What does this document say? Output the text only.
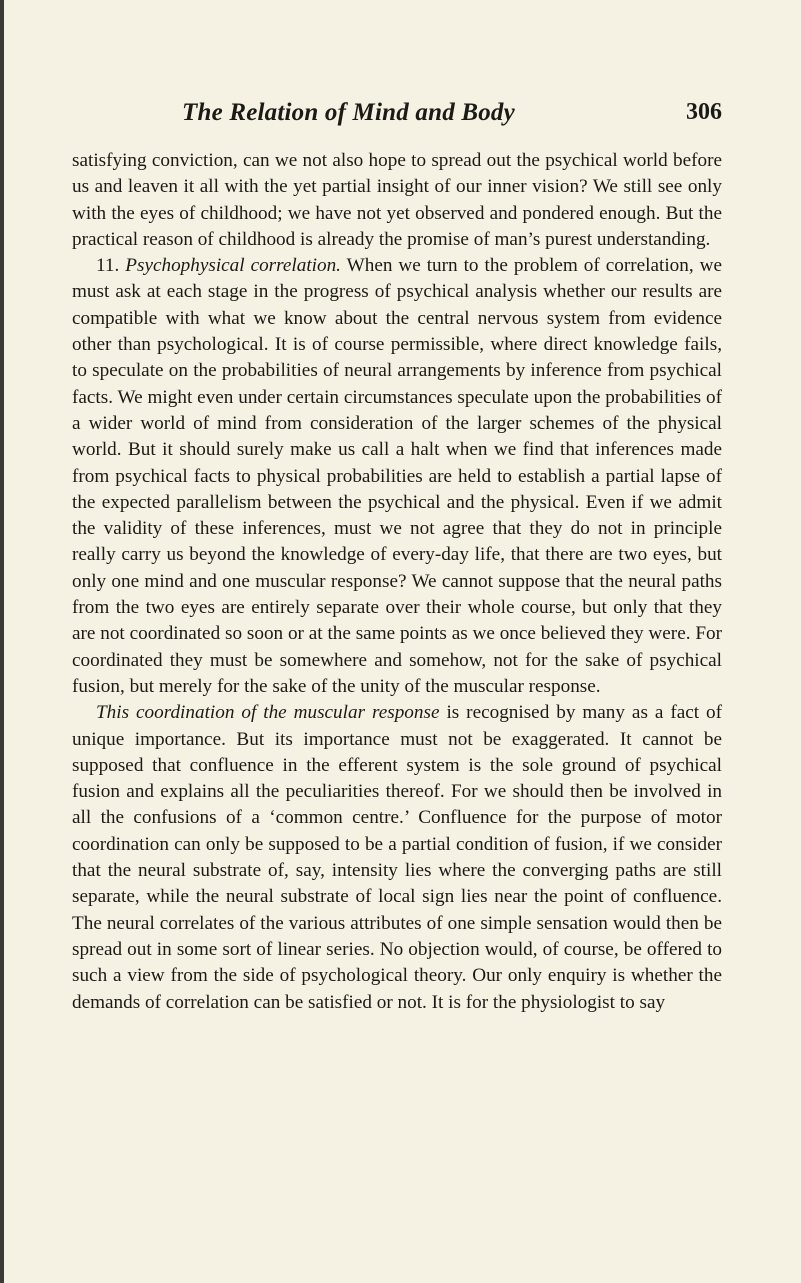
The Relation of Mind and Body	306

satisfying conviction, can we not also hope to spread out the psychical world before us and leaven it all with the yet partial insight of our inner vision? We still see only with the eyes of childhood; we have not yet observed and pondered enough. But the practical reason of childhood is already the promise of man’s purest understanding.

11. Psychophysical correlation. When we turn to the problem of correlation, we must ask at each stage in the progress of psychical analysis whether our results are compatible with what we know about the central nervous system from evidence other than psychological. It is of course permissible, where direct knowledge fails, to speculate on the probabilities of neural arrangements by inference from psychical facts. We might even under certain circumstances speculate upon the probabilities of a wider world of mind from consideration of the larger schemes of the physical world. But it should surely make us call a halt when we find that inferences made from psychical facts to physical probabilities are held to establish a partial lapse of the expected parallelism between the psychical and the physical. Even if we admit the validity of these inferences, must we not agree that they do not in principle really carry us beyond the knowledge of every-day life, that there are two eyes, but only one mind and one muscular response? We cannot suppose that the neural paths from the two eyes are entirely separate over their whole course, but only that they are not coordinated so soon or at the same points as we once believed they were. For coordinated they must be somewhere and somehow, not for the sake of psychical fusion, but merely for the sake of the unity of the muscular response.

This coordination of the muscular response is recognised by many as a fact of unique importance. But its importance must not be exaggerated. It cannot be supposed that confluence in the efferent system is the sole ground of psychical fusion and explains all the peculiarities thereof. For we should then be involved in all the confusions of a ‘common centre.’ Confluence for the purpose of motor coordination can only be supposed to be a partial condition of fusion, if we consider that the neural substrate of, say, intensity lies where the converging paths are still separate, while the neural substrate of local sign lies near the point of confluence. The neural correlates of the various attributes of one simple sensation would then be spread out in some sort of linear series. No objection would, of course, be offered to such a view from the side of psychological theory. Our only enquiry is whether the demands of correlation can be satisfied or not. It is for the physiologist to say
